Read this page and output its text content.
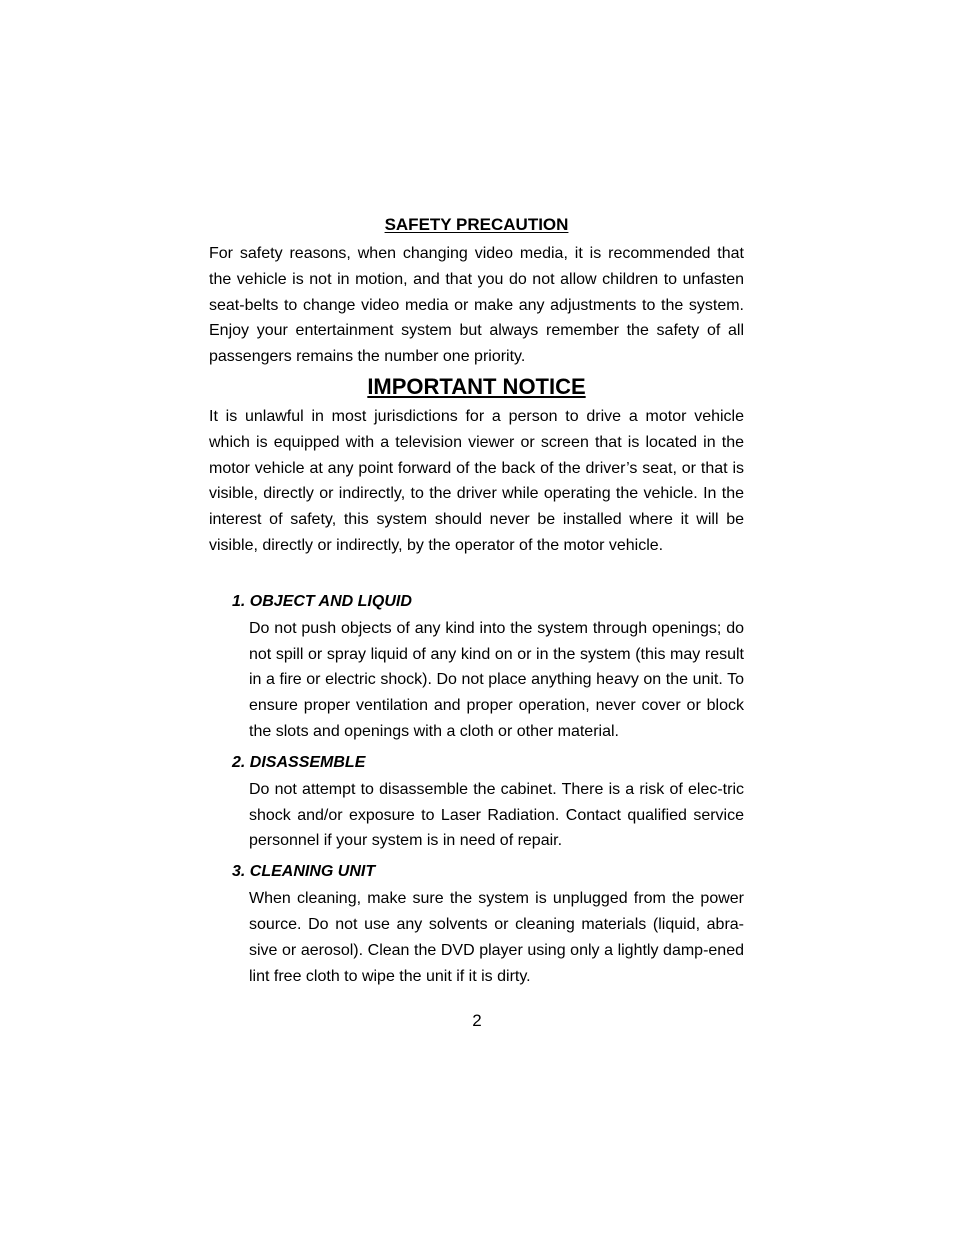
SAFETY PRECAUTION

For safety reasons, when changing video media, it is recommended that the vehicle is not in motion, and that you do not allow children to unfasten seat-belts to change video media or make any adjustments to the system. Enjoy your entertainment system but always remember the safety of all passengers remains the number one priority.

IMPORTANT NOTICE

It is unlawful in most jurisdictions for a person to drive a motor vehicle which is equipped with a television viewer or screen that is located in the motor vehicle at any point forward of the back of the driver’s seat, or that is visible, directly or indirectly, to the driver while operating the vehicle. In the interest of safety, this system should never be installed where it will be visible, directly or indirectly, by the operator of the motor vehicle.

1. OBJECT AND LIQUID

Do not push objects of any kind into the system through openings; do not spill or spray liquid of any kind on or in the system (this may result in a fire or electric shock). Do not place anything heavy on the unit. To ensure proper ventilation and proper operation, never cover or block the slots and openings with a cloth or other material.

2. DISASSEMBLE

Do not attempt to disassemble the cabinet. There is a risk of elec-tric shock and/or exposure to Laser Radiation. Contact qualified service personnel if your system is in need of repair.

3. CLEANING UNIT

When cleaning, make sure the system is unplugged from the power source. Do not use any solvents or cleaning materials (liquid, abra-sive or aerosol). Clean the DVD player using only a lightly damp-ened lint free cloth to wipe the unit if it is dirty.

2
